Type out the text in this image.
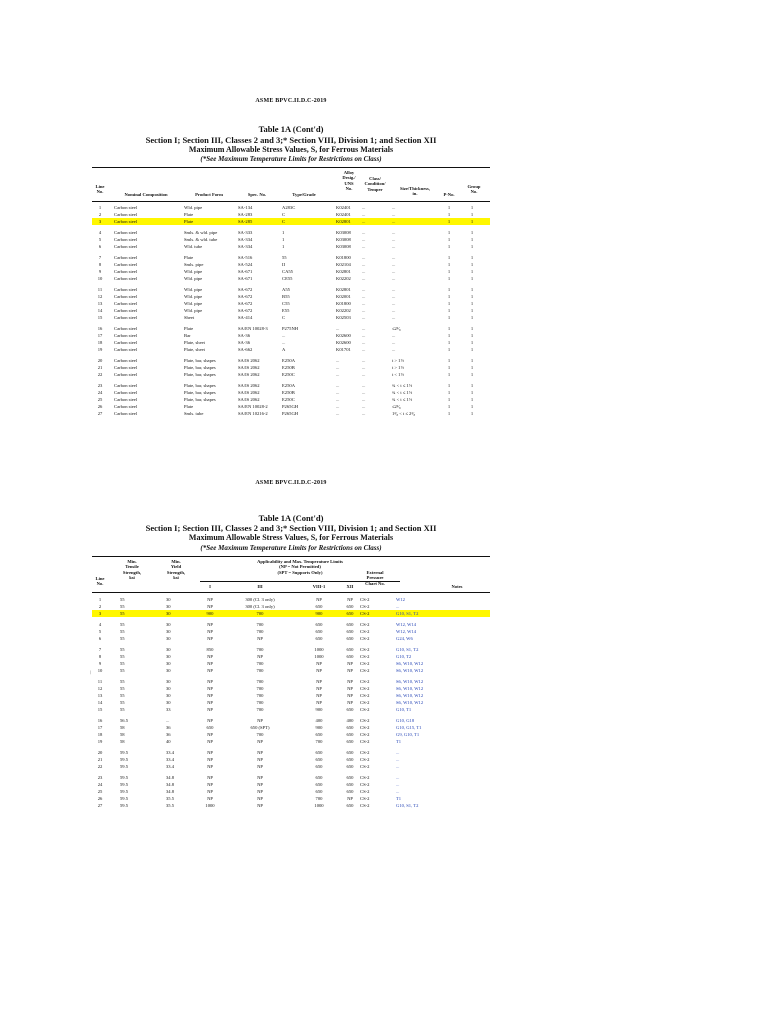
ASME BPVC.II.D.C-2019
Table 1A (Cont'd)
Section I; Section III, Classes 2 and 3;* Section VIII, Division 1; and Section XII
Maximum Allowable Stress Values, S, for Ferrous Materials
(*See Maximum Temperature Limits for Restrictions on Class)
Line
No.
Nominal Composition	Product Form	Spec. No.	Type/Grade
Alloy
Desig./
UNS
No.
Class/
Condition/
Temper	Size/Thickness,
in.	P-No.
Group
No.
1	Carbon steel	Wld. pipe	SA-134	A283C	K02401	...	...	1	1
2	Carbon steel	Plate	SA-283	C	K02401	...	...	1	1
3	Carbon steel	Plate	SA-285	C	K02801	...	...	1	1
4	Carbon steel	Smls. & wld. pipe	SA-333	1	K03008	...	...	1	1
5	Carbon steel	Smls. & wld. tube	SA-334	1	K03008	...	...	1	1
6	Carbon steel	Wld. tube	SA-334	1	K03008	...	...	1	1
7	Carbon steel	Plate	SA-516	55	K01800	...	...	1	1
8	Carbon steel	Smls. pipe	SA-524	II	K02104	...	...	1	1
9	Carbon steel	Wld. pipe	SA-671	CA55	K02801	...	...	1	1
10	Carbon steel	Wld. pipe	SA-671	CE55	K02202	...	...	1	1
11	Carbon steel	Wld. pipe	SA-672	A55	K02801	...	...	1	1
12	Carbon steel	Wld. pipe	SA-672	B55	K02001	...	...	1	1
13	Carbon steel	Wld. pipe	SA-672	C55	K01800	...	...	1	1
14	Carbon steel	Wld. pipe	SA-672	E55	K02202	...	...	1	1
15	Carbon steel	Sheet	SA-414	C	K02503	...	...	1	1
16	Carbon steel	Plate	SA/EN 10028-3	P275NH	...	...	≤2³⁄₈	1	1
17	Carbon steel	Bar	SA-36	...	K02600	...	...	1	1
18	Carbon steel	Plate, sheet	SA-36	...	K02600	...	...	1	1
19	Carbon steel	Plate, sheet	SA-662	A	K01701	...	...	1	1
20	Carbon steel	Plate, bar, shapes	SA/IS 2062	E250A	...	...	t > 1½	1	1
21	Carbon steel	Plate, bar, shapes	SA/IS 2062	E250B	...	...	t > 1½	1	1
22	Carbon steel	Plate, bar, shapes	SA/IS 2062	E250C	...	...	t < 1½	1	1
23	Carbon steel	Plate, bar, shapes	SA/IS 2062	E250A	...	...	¾ < t ≤ 1½	1	1
24	Carbon steel	Plate, bar, shapes	SA/IS 2062	E250B	...	...	¾ < t ≤ 1½	1	1
25	Carbon steel	Plate, bar, shapes	SA/IS 2062	E250C	...	...	¾ < t ≤ 1½	1	1
26	Carbon steel	Plate	SA/EN 10028-2	P265GH	...	...	≤2³⁄₈	1	1
27	Carbon steel	Smls. tube	SA/EN 10216-2	P265GH	...	...	1³⁄₈ < t ≤ 2³⁄₈	1	1
ASME BPVC.II.D.C-2019
Table 1A (Cont'd)
Section I; Section III, Classes 2 and 3;* Section VIII, Division 1; and Section XII
Maximum Allowable Stress Values, S, for Ferrous Materials
(*See Maximum Temperature Limits for Restrictions on Class)
Line
No.
Min.
Tensile
Strength,
ksi
Min.
Yield
Strength,
ksi
Applicability and Max. Temperature Limits
(NP = Not Permitted)
(SPT = Supports Only)
I	III	VIII-1	XII
External
Pressure
Chart No.
Notes
· · · · · · · · · · ·
1	55	30	NP	300 (Cl. 3 only)	NP	NP	CS-2	W12
2	55	30	NP	300 (Cl. 3 only)	650	650	CS-2	...
3	55	30	900	700	900	650	CS-2	G10, S1, T2
4	55	30	NP	700	650	650	CS-2	W12, W14
5	55	30	NP	700	650	650	CS-2	W12, W14
6	55	30	NP	NP	650	650	CS-2	G24, W6
7	55	30	850	700	1000	650	CS-2	G10, S1, T2
8	55	30	NP	NP	1000	650	CS-2	G10, T2
9	55	30	NP	700	NP	NP	CS-2	S6, W10, W12
10	55	30	NP	700	NP	NP	CS-2	S6, W10, W12
11	55	30	NP	700	NP	NP	CS-2	S6, W10, W12
12	55	30	NP	700	NP	NP	CS-2	S6, W10, W12
13	55	30	NP	700	NP	NP	CS-2	S6, W10, W12
14	55	30	NP	700	NP	NP	CS-2	S6, W10, W12
15	55	33	NP	700	900	650	CS-2	G10, T1
16	56.5	...	NP	NP	400	400	CS-2	G10, G18
17	58	36	650	650 (SPT)	900	650	CS-2	G10, G15, T1
18	58	36	NP	700	650	650	CS-2	G9, G10, T1
19	58	40	NP	NP	700	650	CS-2	T1
20	59.5	33.4	NP	NP	650	650	CS-2	...
21	59.5	33.4	NP	NP	650	650	CS-2	...
22	59.5	33.4	NP	NP	650	650	CS-2	...
23	59.5	34.8	NP	NP	650	650	CS-2	...
24	59.5	34.8	NP	NP	650	650	CS-2	...
25	59.5	34.8	NP	NP	650	650	CS-2	...
26	59.5	35.5	NP	NP	700	NP	CS-2	T1
27	59.5	35.5	1000	NP	1000	650	CS-2	G10, S1, T2
